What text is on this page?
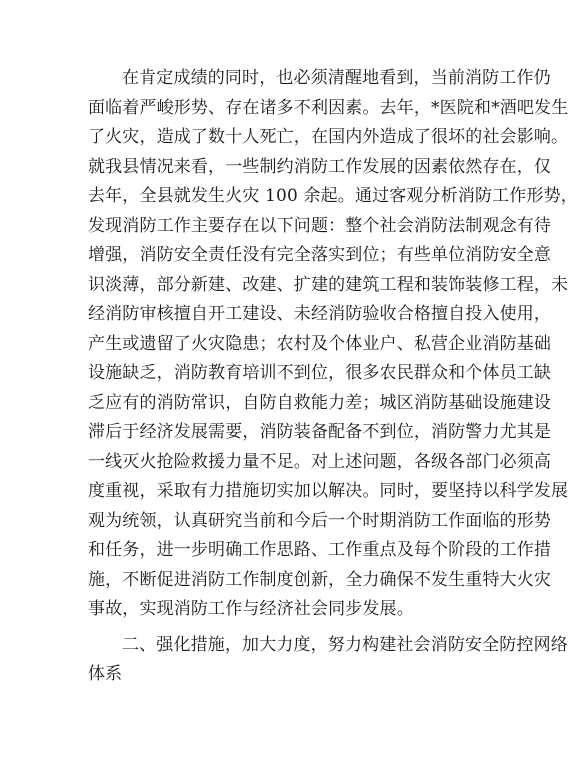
在肯定成绩的同时，也必须清醒地看到，当前消防工作仍
面临着严峻形势、存在诸多不利因素。去年，*医院和*酒吧发生
了火灾，造成了数十人死亡，在国内外造成了很坏的社会影响。
就我县情况来看，一些制约消防工作发展的因素依然存在，仅
去年，全县就发生火灾 100 余起。通过客观分析消防工作形势，
发现消防工作主要存在以下问题：整个社会消防法制观念有待
增强，消防安全责任没有完全落实到位；有些单位消防安全意
识淡薄，部分新建、改建、扩建的建筑工程和装饰装修工程，未
经消防审核擅自开工建设、未经消防验收合格擅自投入使用，
产生或遗留了火灾隐患；农村及个体业户、私营企业消防基础
设施缺乏，消防教育培训不到位，很多农民群众和个体员工缺
乏应有的消防常识，自防自救能力差；城区消防基础设施建设
滞后于经济发展需要，消防装备配备不到位，消防警力尤其是
一线灭火抢险救援力量不足。对上述问题，各级各部门必须高
度重视，采取有力措施切实加以解决。同时，要坚持以科学发展
观为统领，认真研究当前和今后一个时期消防工作面临的形势
和任务，进一步明确工作思路、工作重点及每个阶段的工作措
施，不断促进消防工作制度创新，全力确保不发生重特大火灾
事故，实现消防工作与经济社会同步发展。

二、强化措施，加大力度，努力构建社会消防安全防控网络
体系
